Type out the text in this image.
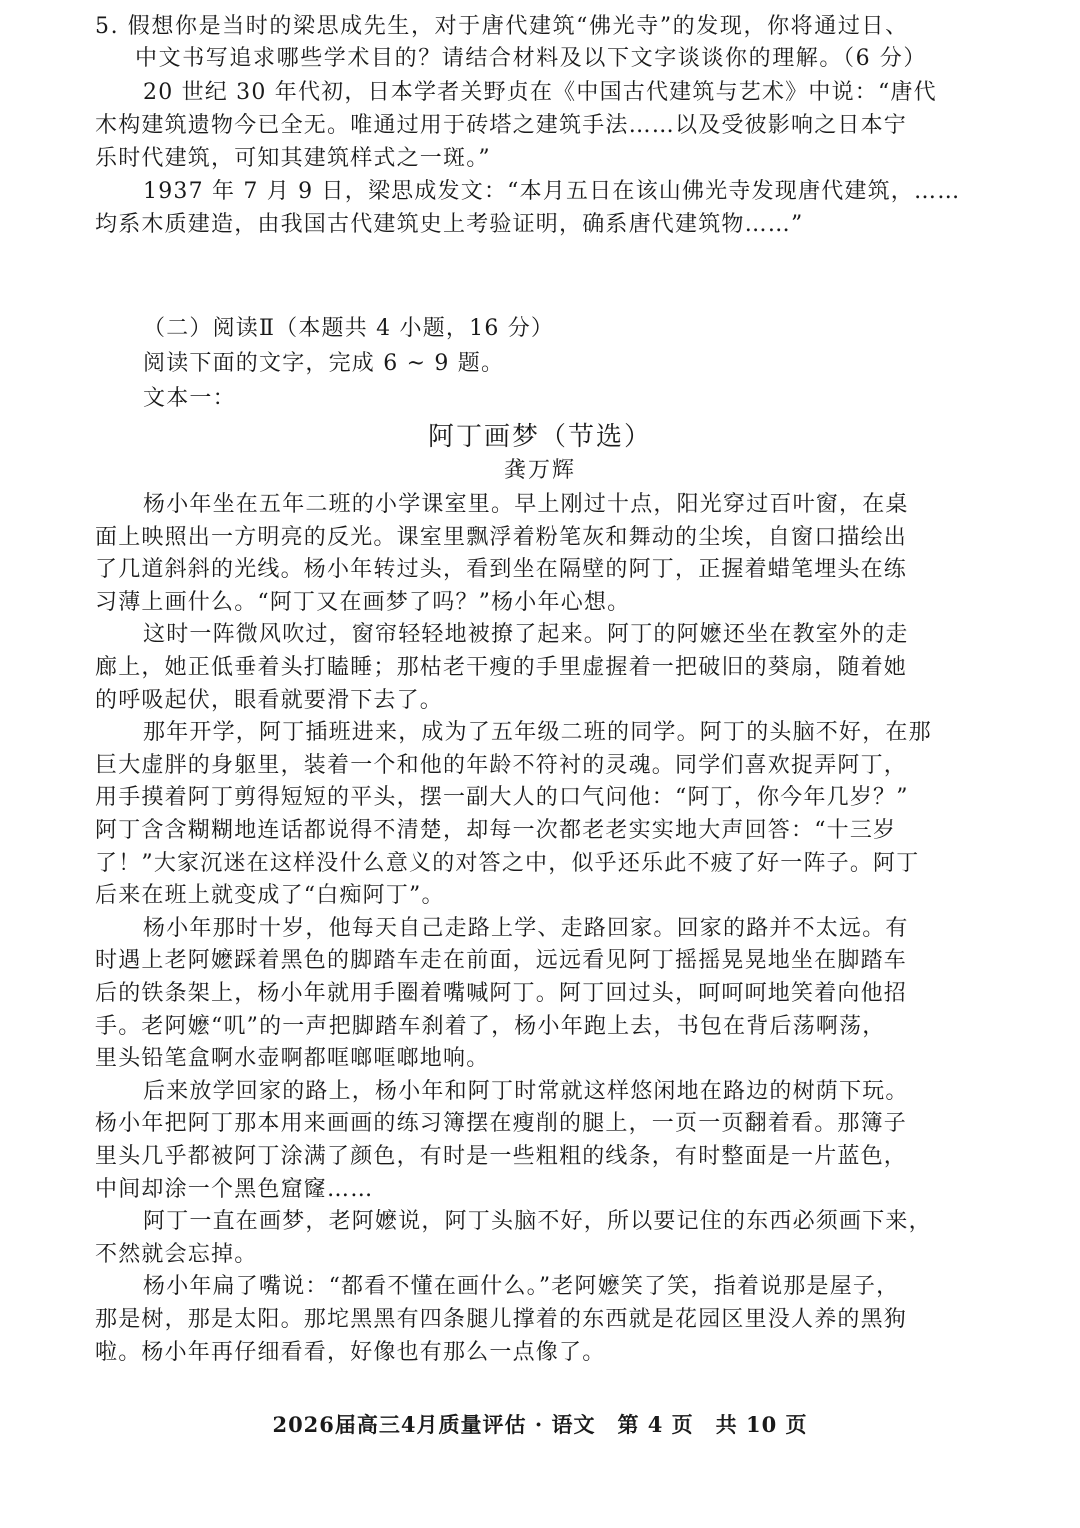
5. 假想你是当时的梁思成先生，对于唐代建筑“佛光寺”的发现，你将通过日、
中文书写追求哪些学术目的？请结合材料及以下文字谈谈你的理解。（6 分）
20 世纪 30 年代初，日本学者关野贞在《中国古代建筑与艺术》中说：“唐代
木构建筑遗物今已全无。唯通过用于砖塔之建筑手法……以及受彼影响之日本宁
乐时代建筑，可知其建筑样式之一斑。”
1937 年 7 月 9 日，梁思成发文：“本月五日在该山佛光寺发现唐代建筑，……
均系木质建造，由我国古代建筑史上考验证明，确系唐代建筑物……”
（二）阅读Ⅱ（本题共 4 小题，16 分）
阅读下面的文字，完成 6 ~ 9 题。
文本一：
阿丁画梦（节选）
龚万辉
杨小年坐在五年二班的小学课室里。早上刚过十点，阳光穿过百叶窗，在桌
面上映照出一方明亮的反光。课室里飘浮着粉笔灰和舞动的尘埃，自窗口描绘出
了几道斜斜的光线。杨小年转过头，看到坐在隔壁的阿丁，正握着蜡笔埋头在练
习薄上画什么。“阿丁又在画梦了吗？”杨小年心想。
这时一阵微风吹过，窗帘轻轻地被撩了起来。阿丁的阿嬷还坐在教室外的走
廊上，她正低垂着头打瞌睡；那枯老干瘦的手里虚握着一把破旧的葵扇，随着她
的呼吸起伏，眼看就要滑下去了。
那年开学，阿丁插班进来，成为了五年级二班的同学。阿丁的头脑不好，在那
巨大虚胖的身躯里，装着一个和他的年龄不符衬的灵魂。同学们喜欢捉弄阿丁，
用手摸着阿丁剪得短短的平头，摆一副大人的口气问他：“阿丁，你今年几岁？”
阿丁含含糊糊地连话都说得不清楚，却每一次都老老实实地大声回答：“十三岁
了！”大家沉迷在这样没什么意义的对答之中，似乎还乐此不疲了好一阵子。阿丁
后来在班上就变成了“白痴阿丁”。
杨小年那时十岁，他每天自己走路上学、走路回家。回家的路并不太远。有
时遇上老阿嬷踩着黑色的脚踏车走在前面，远远看见阿丁摇摇晃晃地坐在脚踏车
后的铁条架上，杨小年就用手圈着嘴喊阿丁。阿丁回过头，呵呵呵地笑着向他招
手。老阿嬷“叽”的一声把脚踏车刹着了，杨小年跑上去，书包在背后荡啊荡，
里头铅笔盒啊水壶啊都哐啷哐啷地响。
后来放学回家的路上，杨小年和阿丁时常就这样悠闲地在路边的树荫下玩。
杨小年把阿丁那本用来画画的练习簿摆在瘦削的腿上，一页一页翻着看。那簿子
里头几乎都被阿丁涂满了颜色，有时是一些粗粗的线条，有时整面是一片蓝色，
中间却涂一个黑色窟窿……
阿丁一直在画梦，老阿嬷说，阿丁头脑不好，所以要记住的东西必须画下来，
不然就会忘掉。
杨小年扁了嘴说：“都看不懂在画什么。”老阿嬷笑了笑，指着说那是屋子，
那是树，那是太阳。那坨黑黑有四条腿儿撑着的东西就是花园区里没人养的黑狗
啦。杨小年再仔细看看，好像也有那么一点像了。
2026届高三4月质量评估 · 语文　第 4 页　共 10 页
